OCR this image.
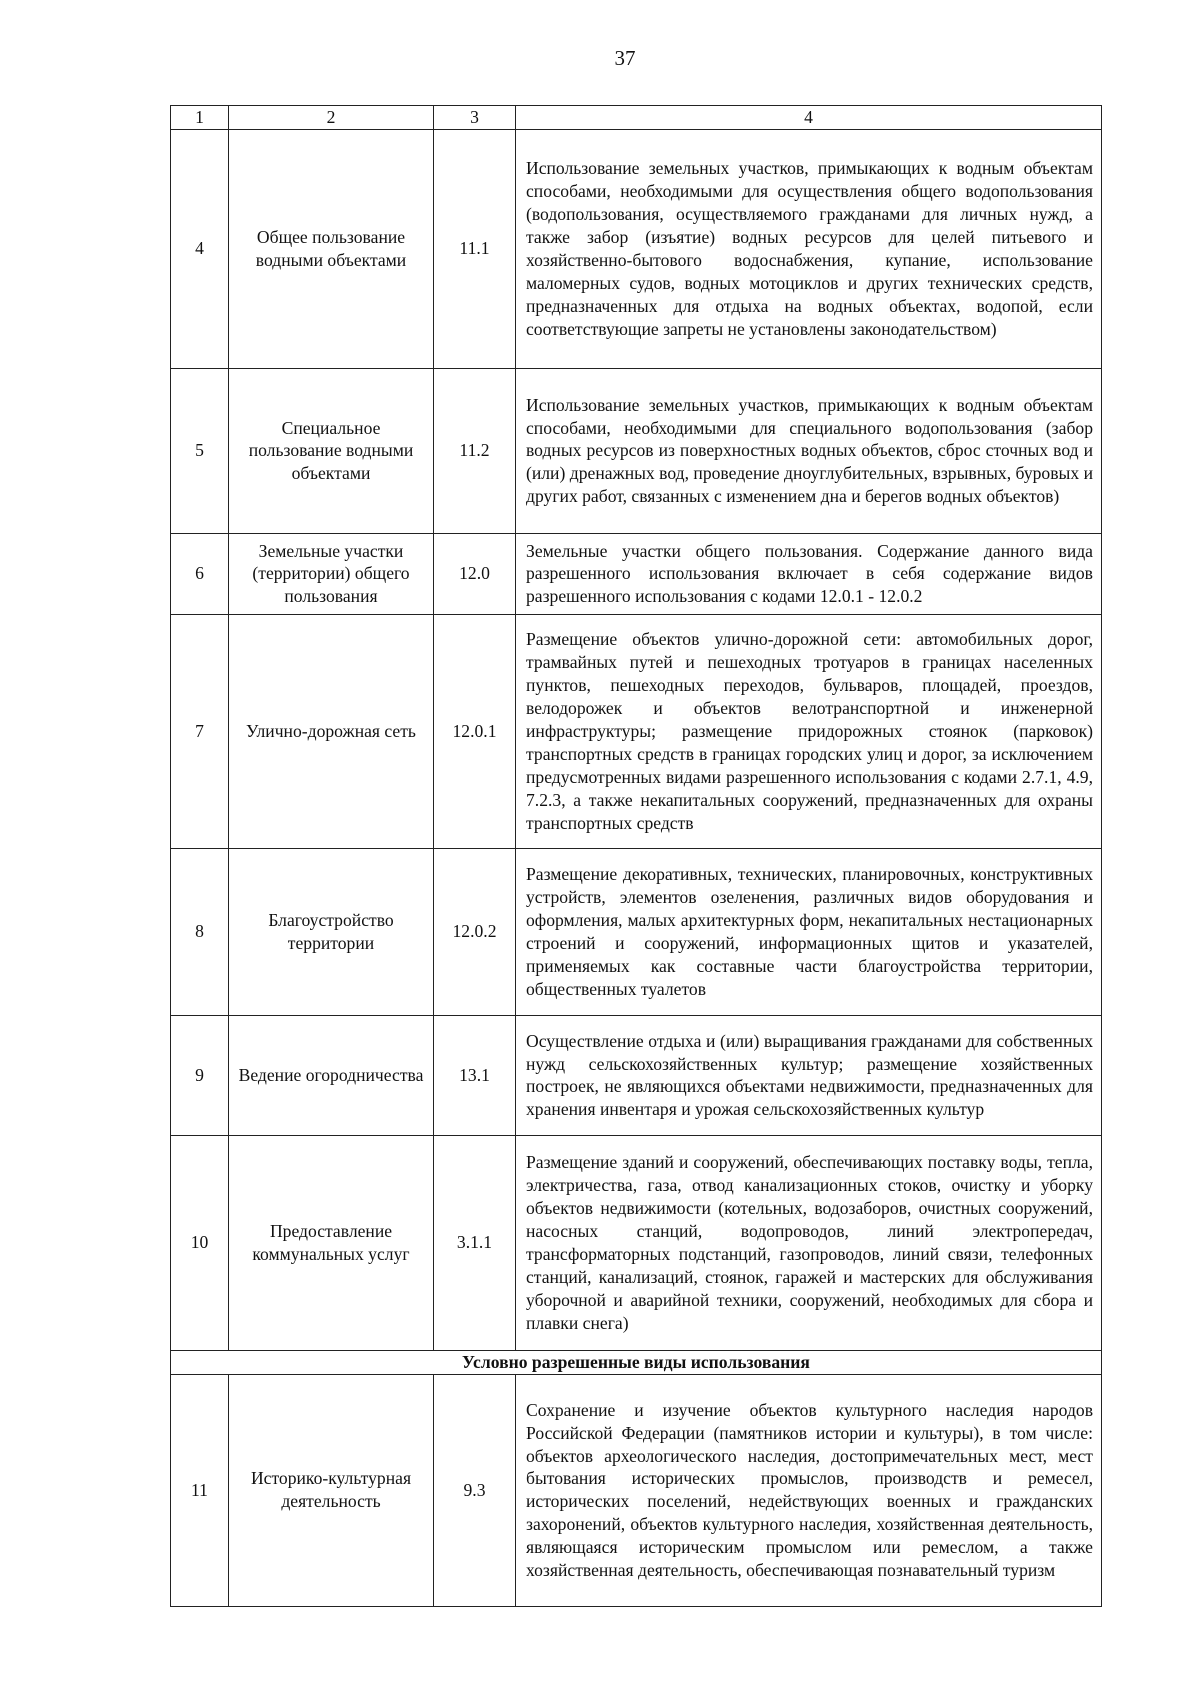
37
1	2	3	4
4	Общее пользование водными объектами	11.1	Использование земельных участков, примыкающих к водным объектам способами, необходимыми для осуществления общего водопользования (водопользования, осуществляемого гражданами для личных нужд, а также забор (изъятие) водных ресурсов для целей питьевого и хозяйственно-бытового водоснабжения, купание, использование маломерных судов, водных мотоциклов и других технических средств, предназначенных для отдыха на водных объектах, водопой, если соответствующие запреты не установлены законодательством)
5	Специальное пользование водными объектами	11.2	Использование земельных участков, примыкающих к водным объектам способами, необходимыми для специального водопользования (забор водных ресурсов из поверхностных водных объектов, сброс сточных вод и (или) дренажных вод, проведение дноуглубительных, взрывных, буровых и других работ, связанных с изменением дна и берегов водных объектов)
6	Земельные участки (территории) общего пользования	12.0	Земельные участки общего пользования. Содержание данного вида разрешенного использования включает в себя содержание видов разрешенного использования с кодами 12.0.1 - 12.0.2
7	Улично-дорожная сеть	12.0.1	Размещение объектов улично-дорожной сети: автомобильных дорог, трамвайных путей и пешеходных тротуаров в границах населенных пунктов, пешеходных переходов, бульваров, площадей, проездов, велодорожек и объектов велотранспортной и инженерной инфраструктуры; размещение придорожных стоянок (парковок) транспортных средств в границах городских улиц и дорог, за исключением предусмотренных видами разрешенного использования с кодами 2.7.1, 4.9, 7.2.3, а также некапитальных сооружений, предназначенных для охраны транспортных средств
8	Благоустройство территории	12.0.2	Размещение декоративных, технических, планировочных, конструктивных устройств, элементов озеленения, различных видов оборудования и оформления, малых архитектурных форм, некапитальных нестационарных строений и сооружений, информационных щитов и указателей, применяемых как составные части благоустройства территории, общественных туалетов
9	Ведение огородничества	13.1	Осуществление отдыха и (или) выращивания гражданами для собственных нужд сельскохозяйственных культур; размещение хозяйственных построек, не являющихся объектами недвижимости, предназначенных для хранения инвентаря и урожая сельскохозяйственных культур
10	Предоставление коммунальных услуг	3.1.1	Размещение зданий и сооружений, обеспечивающих поставку воды, тепла, электричества, газа, отвод канализационных стоков, очистку и уборку объектов недвижимости (котельных, водозаборов, очистных сооружений, насосных станций, водопроводов, линий электропередач, трансформаторных подстанций, газопроводов, линий связи, телефонных станций, канализаций, стоянок, гаражей и мастерских для обслуживания уборочной и аварийной техники, сооружений, необходимых для сбора и плавки снега)
Условно разрешенные виды использования			
11	Историко-культурная деятельность	9.3	Сохранение и изучение объектов культурного наследия народов Российской Федерации (памятников истории и культуры), в том числе: объектов археологического наследия, достопримечательных мест, мест бытования исторических промыслов, производств и ремесел, исторических поселений, недействующих военных и гражданских захоронений, объектов культурного наследия, хозяйственная деятельность, являющаяся историческим промыслом или ремеслом, а также хозяйственная деятельность, обеспечивающая познавательный туризм
